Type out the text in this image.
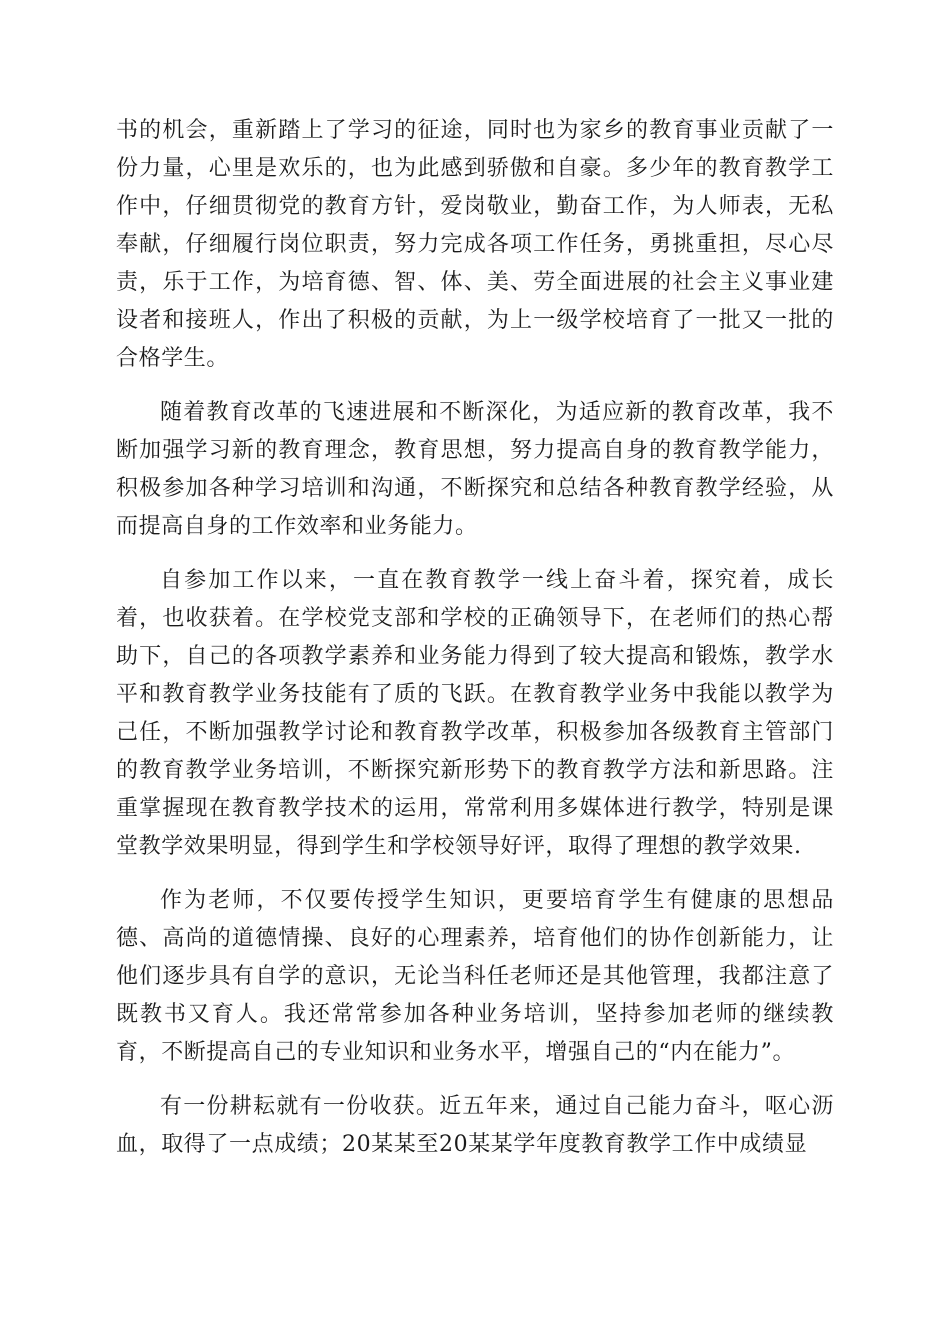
书的机会，重新踏上了学习的征途，同时也为家乡的教育事业贡献了一份力量，心里是欢乐的，也为此感到骄傲和自豪。多少年的教育教学工作中，仔细贯彻党的教育方针，爱岗敬业，勤奋工作，为人师表，无私奉献，仔细履行岗位职责，努力完成各项工作任务，勇挑重担，尽心尽责，乐于工作，为培育德、智、体、美、劳全面进展的社会主义事业建设者和接班人，作出了积极的贡献，为上一级学校培育了一批又一批的合格学生。

随着教育改革的飞速进展和不断深化，为适应新的教育改革，我不断加强学习新的教育理念，教育思想，努力提高自身的教育教学能力，积极参加各种学习培训和沟通，不断探究和总结各种教育教学经验，从而提高自身的工作效率和业务能力。

自参加工作以来，一直在教育教学一线上奋斗着，探究着，成长着，也收获着。在学校党支部和学校的正确领导下，在老师们的热心帮助下，自己的各项教学素养和业务能力得到了较大提高和锻炼，教学水平和教育教学业务技能有了质的飞跃。在教育教学业务中我能以教学为己任，不断加强教学讨论和教育教学改革，积极参加各级教育主管部门的教育教学业务培训，不断探究新形势下的教育教学方法和新思路。注重掌握现在教育教学技术的运用，常常利用多媒体进行教学，特别是课堂教学效果明显，得到学生和学校领导好评，取得了理想的教学效果.

作为老师，不仅要传授学生知识，更要培育学生有健康的思想品德、高尚的道德情操、良好的心理素养，培育他们的协作创新能力，让他们逐步具有自学的意识，无论当科任老师还是其他管理，我都注意了既教书又育人。我还常常参加各种业务培训，坚持参加老师的继续教育，不断提高自己的专业知识和业务水平，增强自己的“内在能力”。

有一份耕耘就有一份收获。近五年来，通过自己能力奋斗，呕心沥血，取得了一点成绩；20某某至20某某学年度教育教学工作中成绩显
